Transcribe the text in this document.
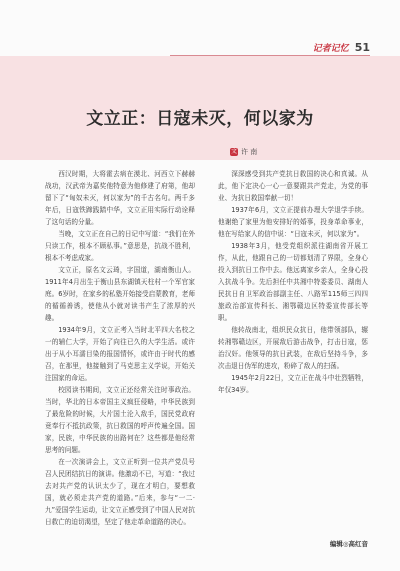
记者记忆 51
文立正：日寇未灭，何以家为
文 许 南

西汉时期，大将霍去病在漠北、河西立下赫赫战功，汉武帝为嘉奖他特意为他修建了府第，他却留下了“匈奴未灭，何以家为”的千古名句。两千多年后，日寇铁蹄践踏中华，文立正用实际行动诠释了这句话的分量。

当晚，文立正在自己的日记中写道：“我们在外只读工作，根本不顾私事。”意思是，抗战不胜利，根本不考虑成家。

文立正，原名文云琦，字国道，湖南衡山人。1911年4月出生于衡山县东湖镇天柱村一个军官家庭。6岁时，在家乡的私塾开始接受启蒙教育，老师的循循善诱，使他从小就对读书产生了浓厚的兴趣。

1934年9月，文立正考入当时北平四大名校之一的辅仁大学，开始了向往已久的大学生活。或许出于从小耳濡目染的报国情怀，或许由于时代的感召，在那里，他接触到了马克思主义学说，开始关注国家的命运。

校园读书期间，文立正还经常关注时事政治。当时，华北的日本帝国主义疯狂侵略，中华民族到了最危险的时候，大片国土沦入敌手，国民党政府竟奉行不抵抗政策，抗日救国的呼声传遍全国。国家，民族，中华民族的出路何在？这些都是他经常思考的问题。

在一次演讲会上，文立正听到一位共产党员号召人民团结抗日的演讲。他激动不已，写道：“我过去对共产党的认识太少了，现在才明白，要想救国，就必须走共产党的道路。”后来，参与“一二·九”爱国学生运动，让文立正感受到了中国人民对抗日救亡的迫切渴望，坚定了他走革命道路的决心。

深深感受到共产党抗日救国的决心和真诚。从此，他下定决心一心一意要跟共产党走，为党的事业、为抗日救国奉献一切！

1937年6月，文立正提前办理大学退学手续。他谢绝了家里为他安排好的婚事，投身革命事业，他在写给家人的信中说：“日寇未灭，何以家为”。

1938年3月，他受党组织派往湖南省开展工作，从此，他跟自己的一切都划清了界限，全身心投入到抗日工作中去。他远离家乡亲人，全身心投入抗战斗争。先后担任中共湘中特委委员、湖南人民抗日自卫军政治部副主任、八路军115师三四四旅政治部宣传科长、湘鄂赣边区特委宣传部长等职。

他转战南北，组织民众抗日，他带领部队，辗转湘鄂赣边区，开展敌后游击战争，打击日寇，惩治汉奸。他领导的抗日武装，在敌后坚持斗争，多次击退日伪军的进攻，粉碎了敌人的扫荡。

1945年2月22日，文立正在战斗中壮烈牺牲，年仅34岁。

编辑◎高红音
